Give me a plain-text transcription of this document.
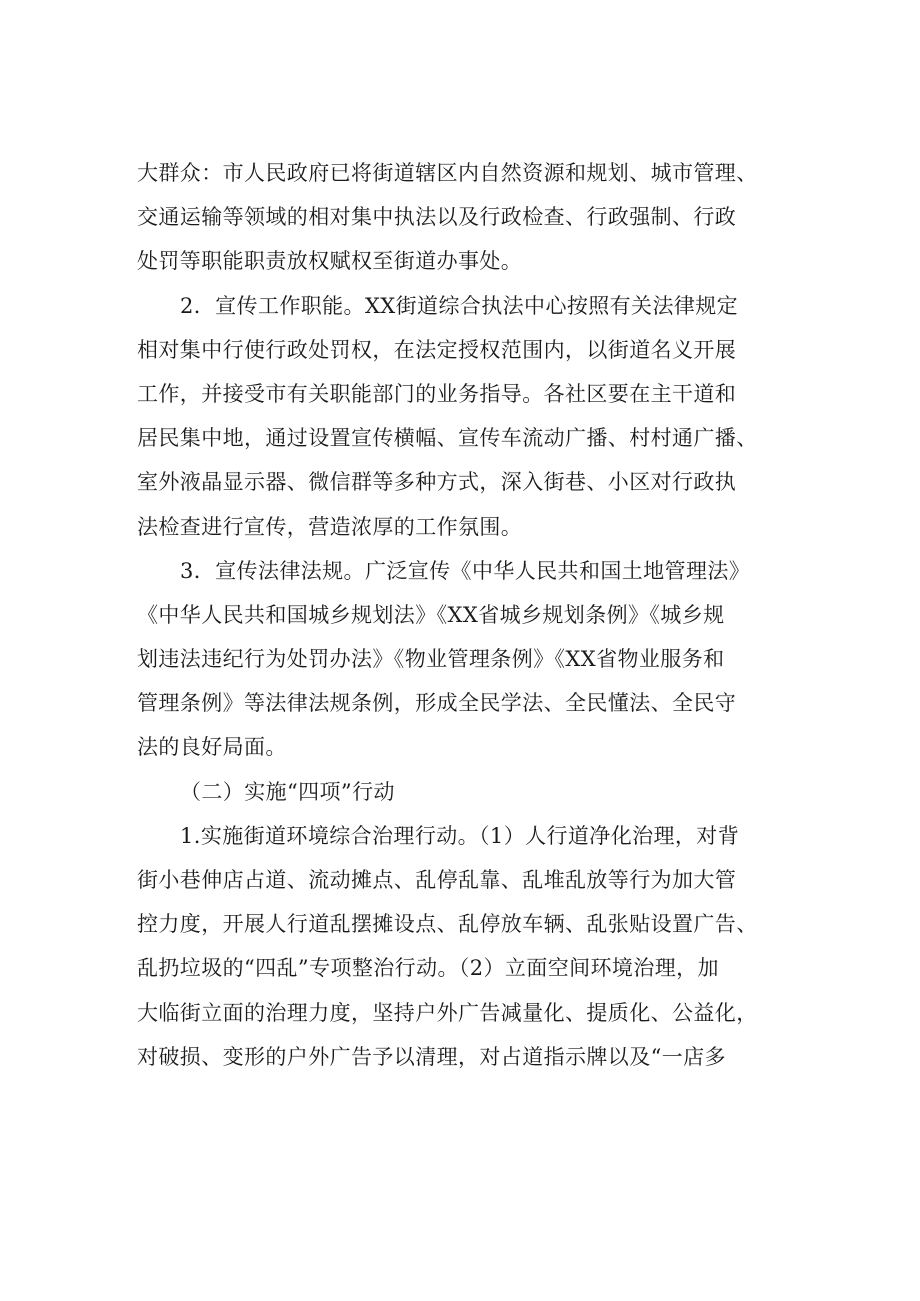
大群众：市人民政府已将街道辖区内自然资源和规划、城市管理、
交通运输等领域的相对集中执法以及行政检查、行政强制、行政
处罚等职能职责放权赋权至街道办事处。
2．宣传工作职能。XX街道综合执法中心按照有关法律规定
相对集中行使行政处罚权，在法定授权范围内，以街道名义开展
工作，并接受市有关职能部门的业务指导。各社区要在主干道和
居民集中地，通过设置宣传横幅、宣传车流动广播、村村通广播、
室外液晶显示器、微信群等多种方式，深入街巷、小区对行政执
法检查进行宣传，营造浓厚的工作氛围。
3．宣传法律法规。广泛宣传《中华人民共和国土地管理法》
《中华人民共和国城乡规划法》《XX省城乡规划条例》《城乡规
划违法违纪行为处罚办法》《物业管理条例》《XX省物业服务和
管理条例》等法律法规条例，形成全民学法、全民懂法、全民守
法的良好局面。
（二）实施“四项”行动
1.实施街道环境综合治理行动。（1）人行道净化治理，对背
街小巷伸店占道、流动摊点、乱停乱靠、乱堆乱放等行为加大管
控力度，开展人行道乱摆摊设点、乱停放车辆、乱张贴设置广告、
乱扔垃圾的“四乱”专项整治行动。（2）立面空间环境治理，加
大临街立面的治理力度，坚持户外广告减量化、提质化、公益化，
对破损、变形的户外广告予以清理，对占道指示牌以及“一店多
